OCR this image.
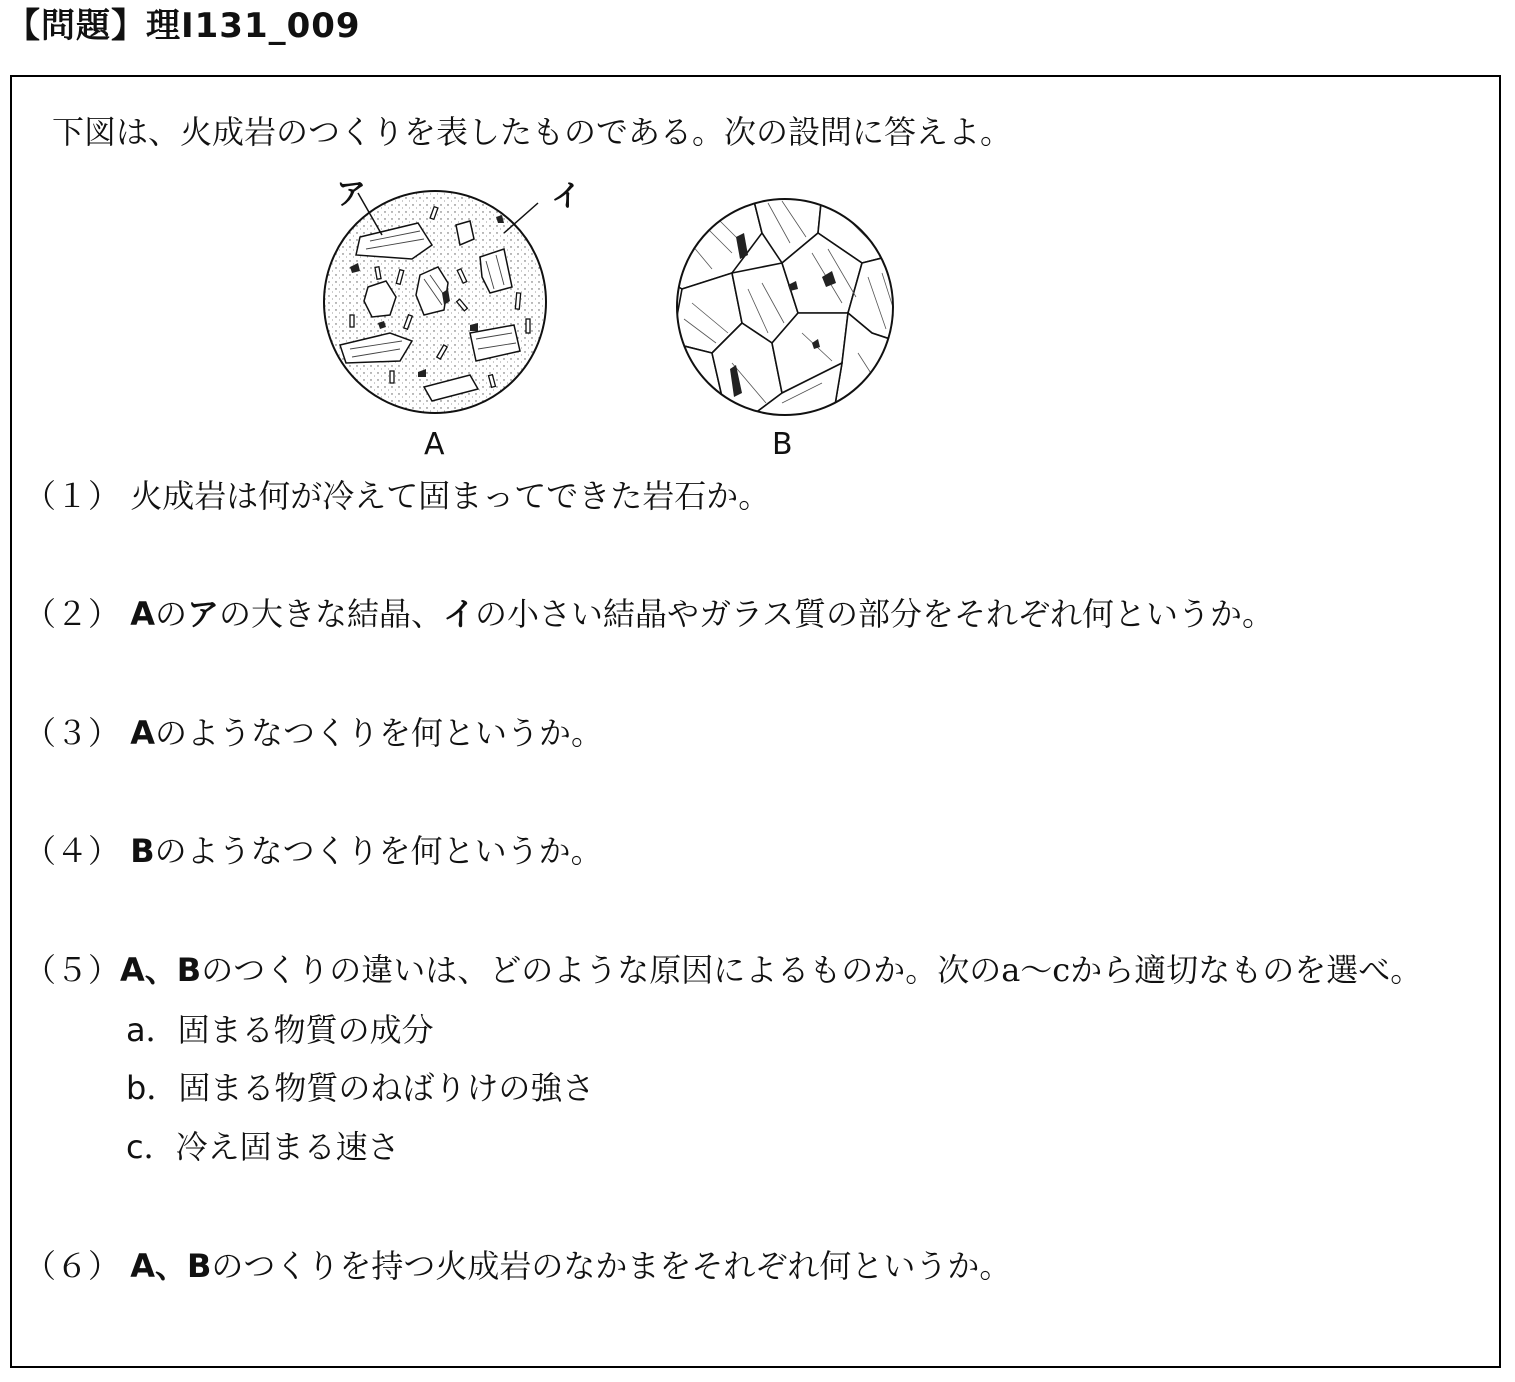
【問題】理I131_009
下図は、火成岩のつくりを表したものである。次の設問に答えよ。
ア	イ
A	B
（１） 火成岩は何が冷えて固まってできた岩石か。
（２） Aのアの大きな結晶、イの小さい結晶やガラス質の部分をそれぞれ何というか。
（３） Aのようなつくりを何というか。
（４） Bのようなつくりを何というか。
（５）A、Bのつくりの違いは、どのような原因によるものか。次のa～cから適切なものを選べ。
a．固まる物質の成分
b．固まる物質のねばりけの強さ
c．冷え固まる速さ
（６） A、Bのつくりを持つ火成岩のなかまをそれぞれ何というか。
